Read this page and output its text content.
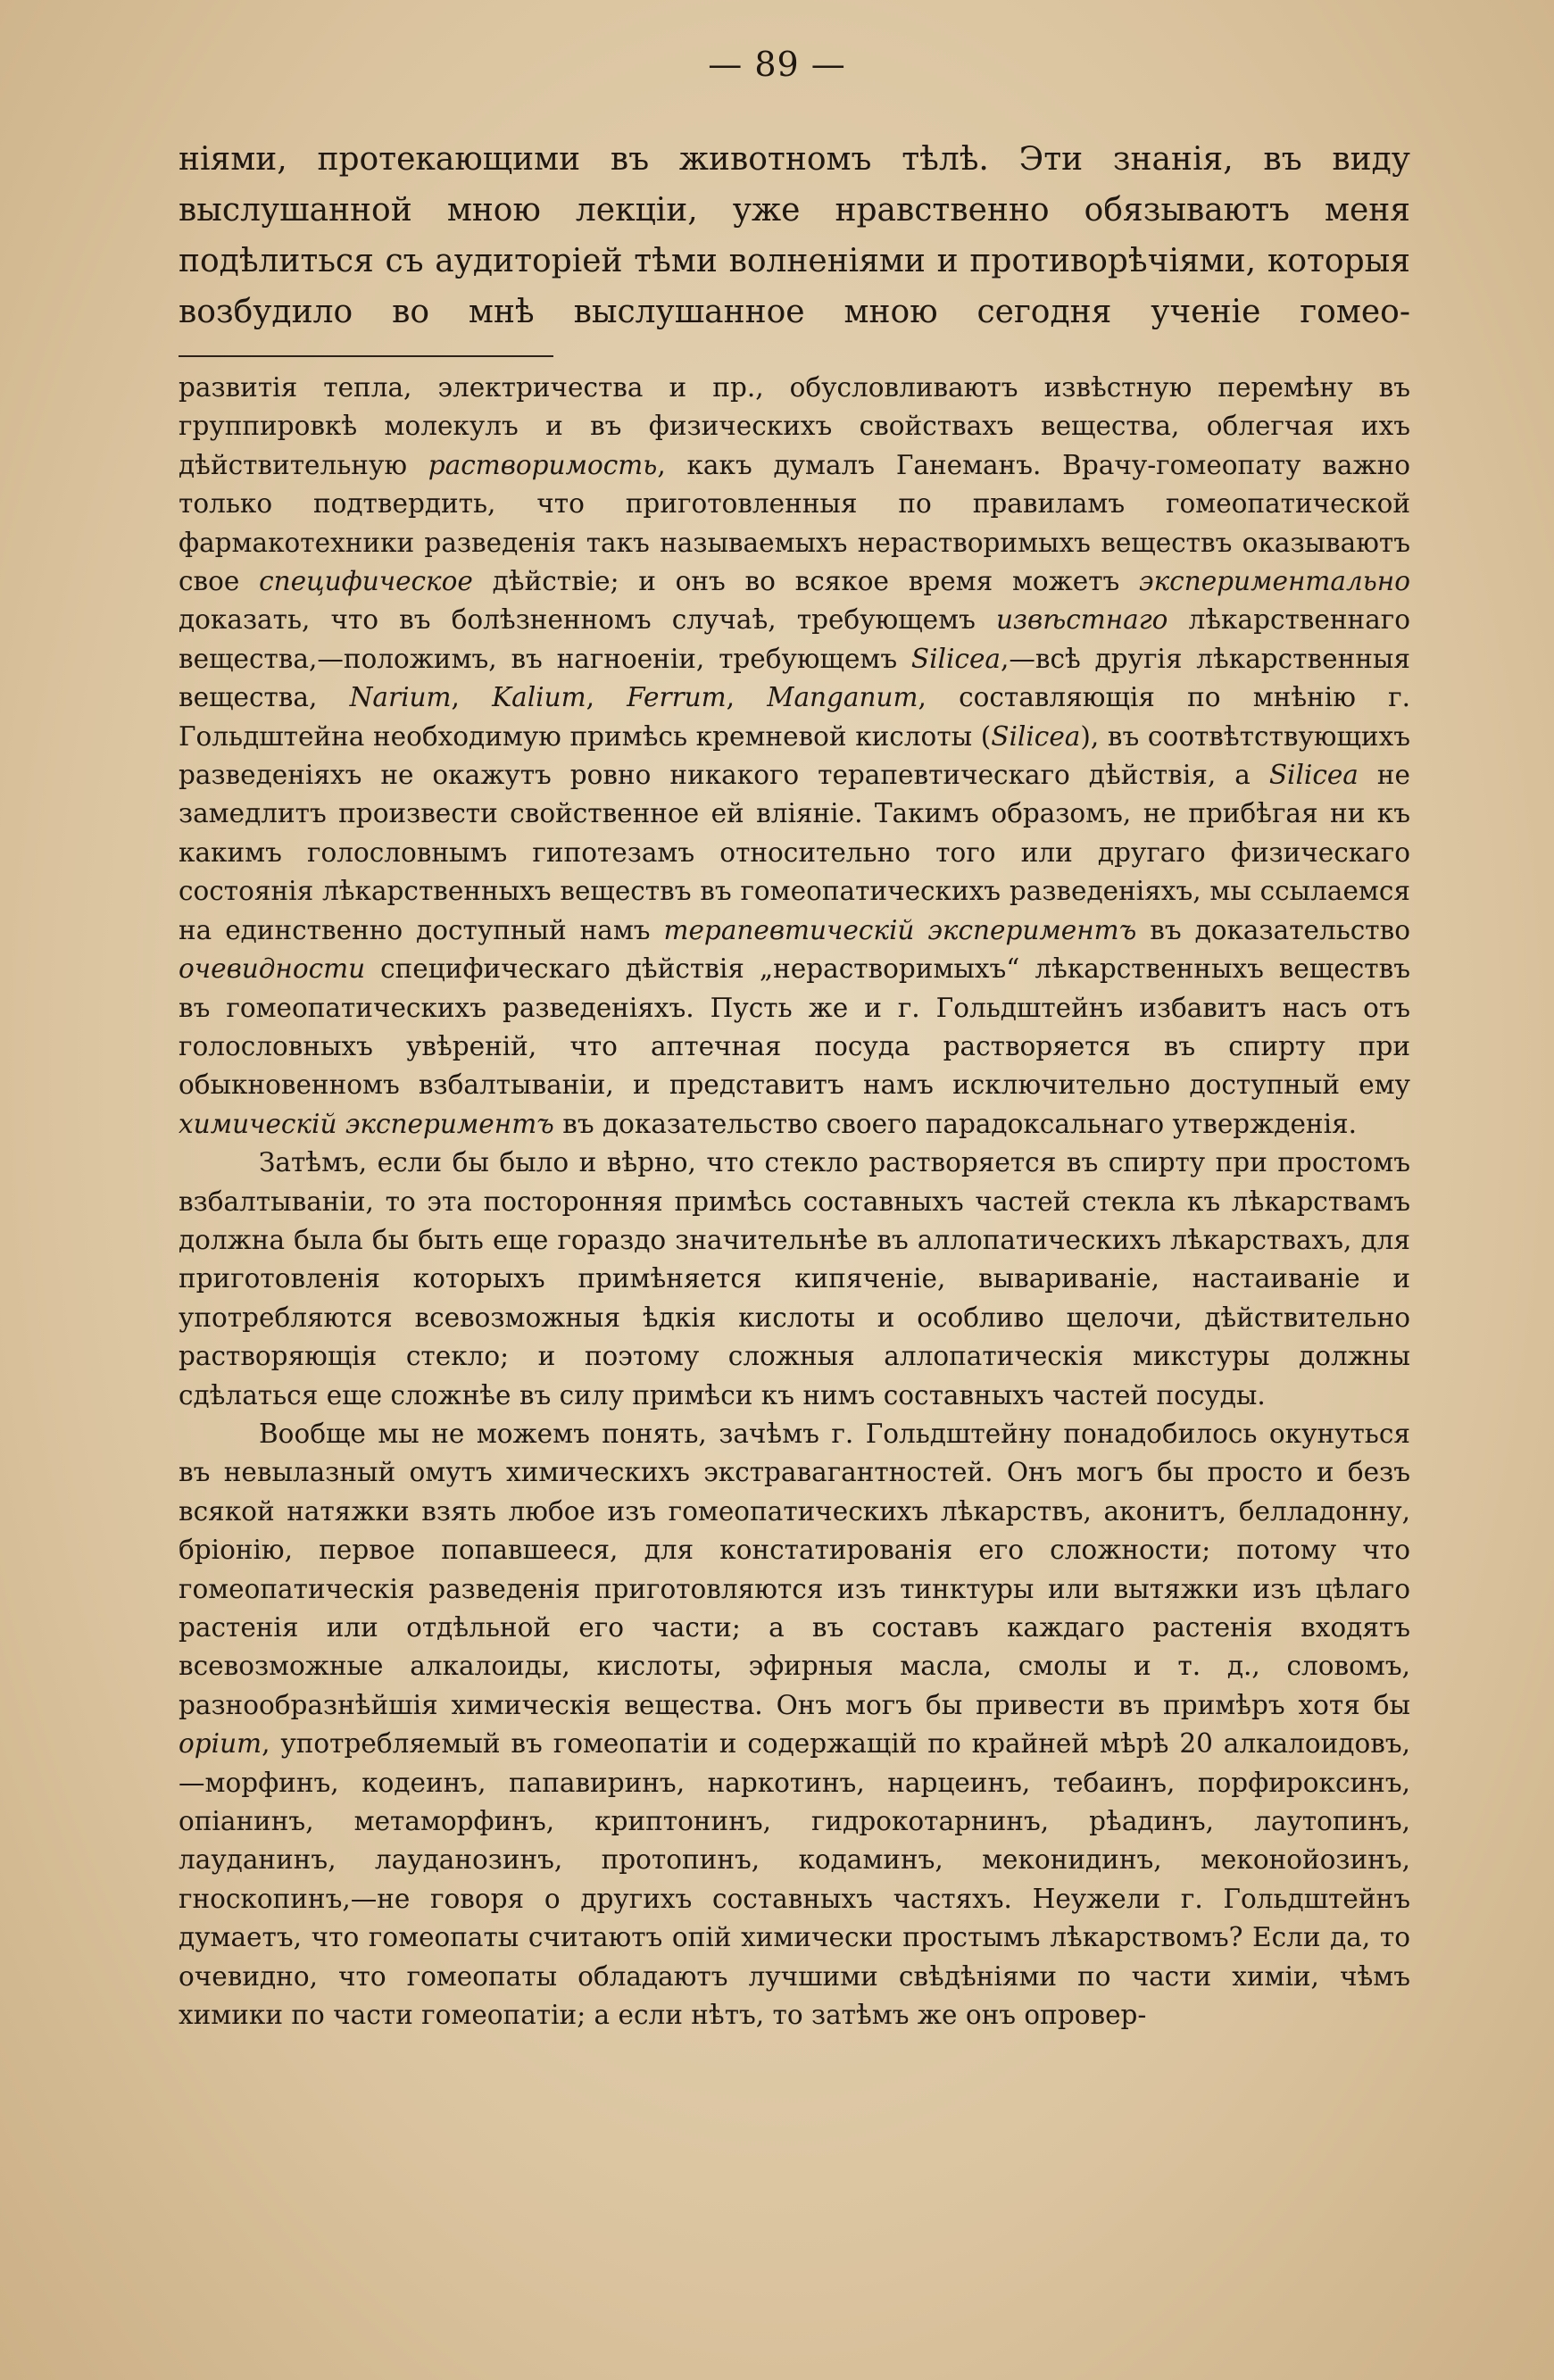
— 89 —

ніями, протекающими въ животномъ тѣлѣ. Эти знанія, въ виду выслушанной мною лекціи, уже нравственно обязываютъ меня подѣлиться съ аудиторіей тѣми волненіями и противорѣчіями, которыя возбудило во мнѣ выслушанное мною сегодня ученіе гомео-

развитія тепла, электричества и пр., обусловливаютъ извѣстную перемѣну въ группировкѣ молекулъ и въ физическихъ свойствахъ вещества, облегчая ихъ дѣйствительную растворимость, какъ думалъ Ганеманъ. Врачу-гомеопату важно только подтвердить, что приготовленныя по правиламъ гомеопатической фармакотехники разведенія такъ называемыхъ нерастворимыхъ веществъ оказываютъ свое специфическое дѣйствіе; и онъ во всякое время можетъ экспериментально доказать, что въ болѣзненномъ случаѣ, требующемъ извѣстнаго лѣкарственнаго вещества,—положимъ, въ нагноеніи, требующемъ Silicea,—всѣ другія лѣкарственныя вещества, Narium, Kalium, Ferrum, Manganum, составляющія по мнѣнію г. Гольдштейна необходимую примѣсь кремневой кислоты (Silicea), въ соотвѣтствующихъ разведеніяхъ не окажутъ ровно никакого терапевтическаго дѣйствія, а Silicea не замедлитъ произвести свойственное ей вліяніе. Такимъ образомъ, не прибѣгая ни къ какимъ голословнымъ гипотезамъ относительно того или другаго физическаго состоянія лѣкарственныхъ веществъ въ гомеопатическихъ разведеніяхъ, мы ссылаемся на единственно доступный намъ терапевтическій экспериментъ въ доказательство очевидности специфическаго дѣйствія „нерастворимыхъ“ лѣкарственныхъ веществъ въ гомеопатическихъ разведеніяхъ. Пусть же и г. Гольдштейнъ избавитъ насъ отъ голословныхъ увѣреній, что аптечная посуда растворяется въ спирту при обыкновенномъ взбалтываніи, и представитъ намъ исключительно доступный ему химическій экспериментъ въ доказательство своего парадоксальнаго утвержденія.

Затѣмъ, если бы было и вѣрно, что стекло растворяется въ спирту при простомъ взбалтываніи, то эта посторонняя примѣсь составныхъ частей стекла къ лѣкарствамъ должна была бы быть еще гораздо значительнѣе въ аллопатическихъ лѣкарствахъ, для приготовленія которыхъ примѣняется кипяченіе, вывариваніе, настаиваніе и употребляются всевозможныя ѣдкія кислоты и особливо щелочи, дѣйствительно растворяющія стекло; и поэтому сложныя аллопатическія микстуры должны сдѣлаться еще сложнѣе въ силу примѣси къ нимъ составныхъ частей посуды.

Вообще мы не можемъ понять, зачѣмъ г. Гольдштейну понадобилось окунуться въ невылазный омутъ химическихъ экстравагантностей. Онъ могъ бы просто и безъ всякой натяжки взять любое изъ гомеопатическихъ лѣкарствъ, аконитъ, белладонну, бріонію, первое попавшееся, для констатированія его сложности; потому что гомеопатическія разведенія приготовляются изъ тинктуры или вытяжки изъ цѣлаго растенія или отдѣльной его части; а въ составъ каждаго растенія входятъ всевозможные алкалоиды, кислоты, эфирныя масла, смолы и т. д., словомъ, разнообразнѣйшія химическія вещества. Онъ могъ бы привести въ примѣръ хотя бы opium, употребляемый въ гомеопатіи и содержащій по крайней мѣрѣ 20 алкалоидовъ,—морфинъ, кодеинъ, папавиринъ, наркотинъ, нарцеинъ, тебаинъ, порфироксинъ, опіанинъ, метаморфинъ, криптонинъ, гидрокотарнинъ, рѣадинъ, лаутопинъ, лауданинъ, лауданозинъ, протопинъ, кодаминъ, меконидинъ, меконойозинъ, гноскопинъ,—не говоря о другихъ составныхъ частяхъ. Неужели г. Гольдштейнъ думаетъ, что гомеопаты считаютъ опій химически простымъ лѣкарствомъ? Если да, то очевидно, что гомеопаты обладаютъ лучшими свѣдѣніями по части химіи, чѣмъ химики по части гомеопатіи; а если нѣтъ, то затѣмъ же онъ опровер-
